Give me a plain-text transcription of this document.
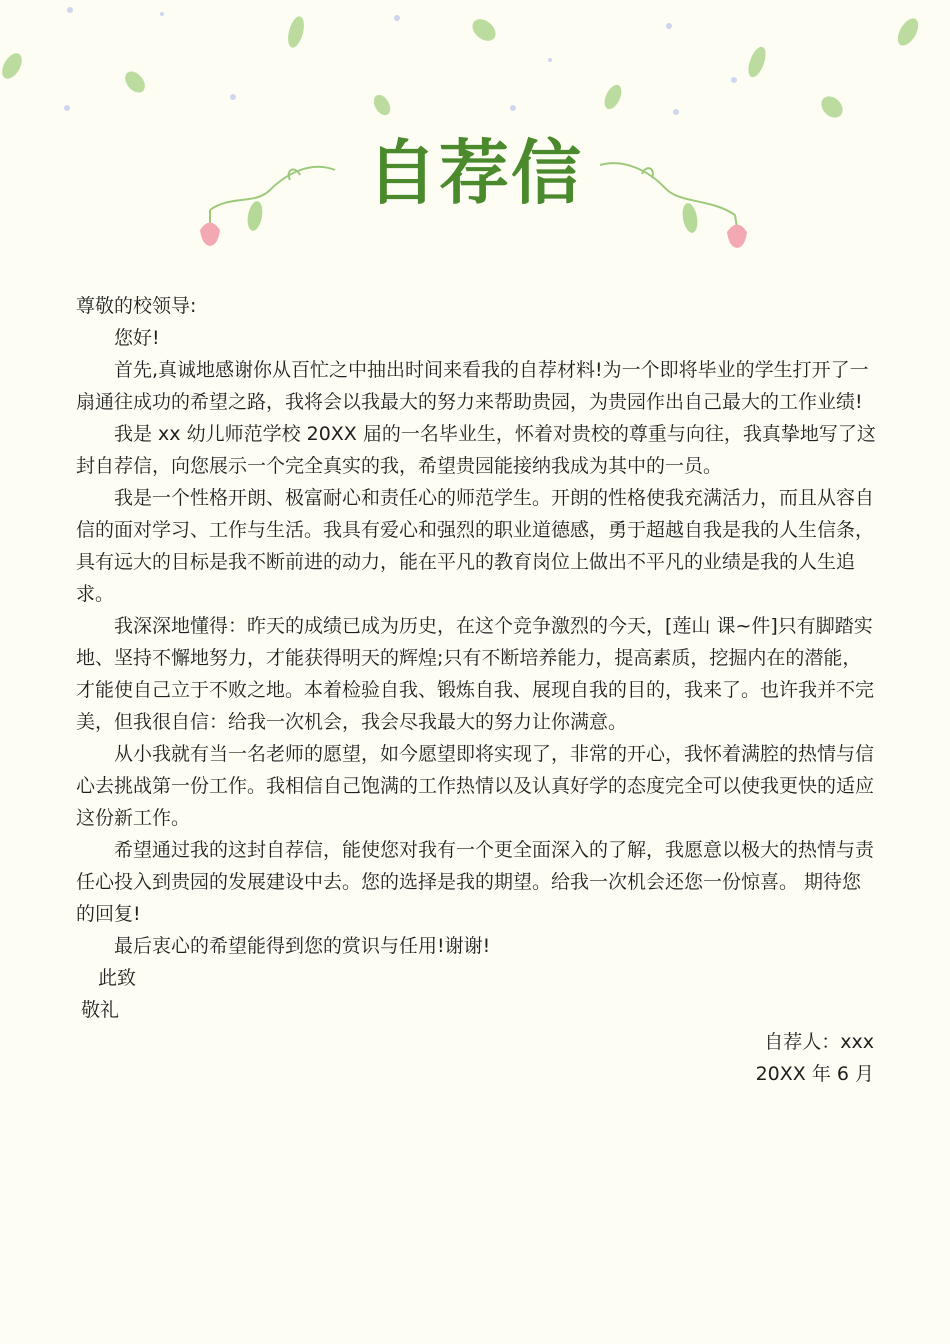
自荐信

尊敬的校领导:

您好!

首先,真诚地感谢你从百忙之中抽出时间来看我的自荐材料!为一个即将毕业的学生打开了一扇通往成功的希望之路，我将会以我最大的努力来帮助贵园，为贵园作出自己最大的工作业绩!

我是 xx 幼儿师范学校 20XX 届的一名毕业生，怀着对贵校的尊重与向往，我真挚地写了这封自荐信，向您展示一个完全真实的我，希望贵园能接纳我成为其中的一员。

我是一个性格开朗、极富耐心和责任心的师范学生。开朗的性格使我充满活力，而且从容自信的面对学习、工作与生活。我具有爱心和强烈的职业道德感，勇于超越自我是我的人生信条，具有远大的目标是我不断前进的动力，能在平凡的教育岗位上做出不平凡的业绩是我的人生追求。

我深深地懂得：昨天的成绩已成为历史，在这个竞争激烈的今天，[莲山 课~件]只有脚踏实地、坚持不懈地努力，才能获得明天的辉煌;只有不断培养能力，提高素质，挖掘内在的潜能，才能使自己立于不败之地。本着检验自我、锻炼自我、展现自我的目的，我来了。也许我并不完美，但我很自信：给我一次机会，我会尽我最大的努力让你满意。

从小我就有当一名老师的愿望，如今愿望即将实现了，非常的开心，我怀着满腔的热情与信心去挑战第一份工作。我相信自己饱满的工作热情以及认真好学的态度完全可以使我更快的适应这份新工作。

希望通过我的这封自荐信，能使您对我有一个更全面深入的了解，我愿意以极大的热情与责任心投入到贵园的发展建设中去。您的选择是我的期望。给我一次机会还您一份惊喜。 期待您的回复!

最后衷心的希望能得到您的赏识与任用!谢谢!

此致

敬礼

自荐人：xxx

20XX 年 6 月
